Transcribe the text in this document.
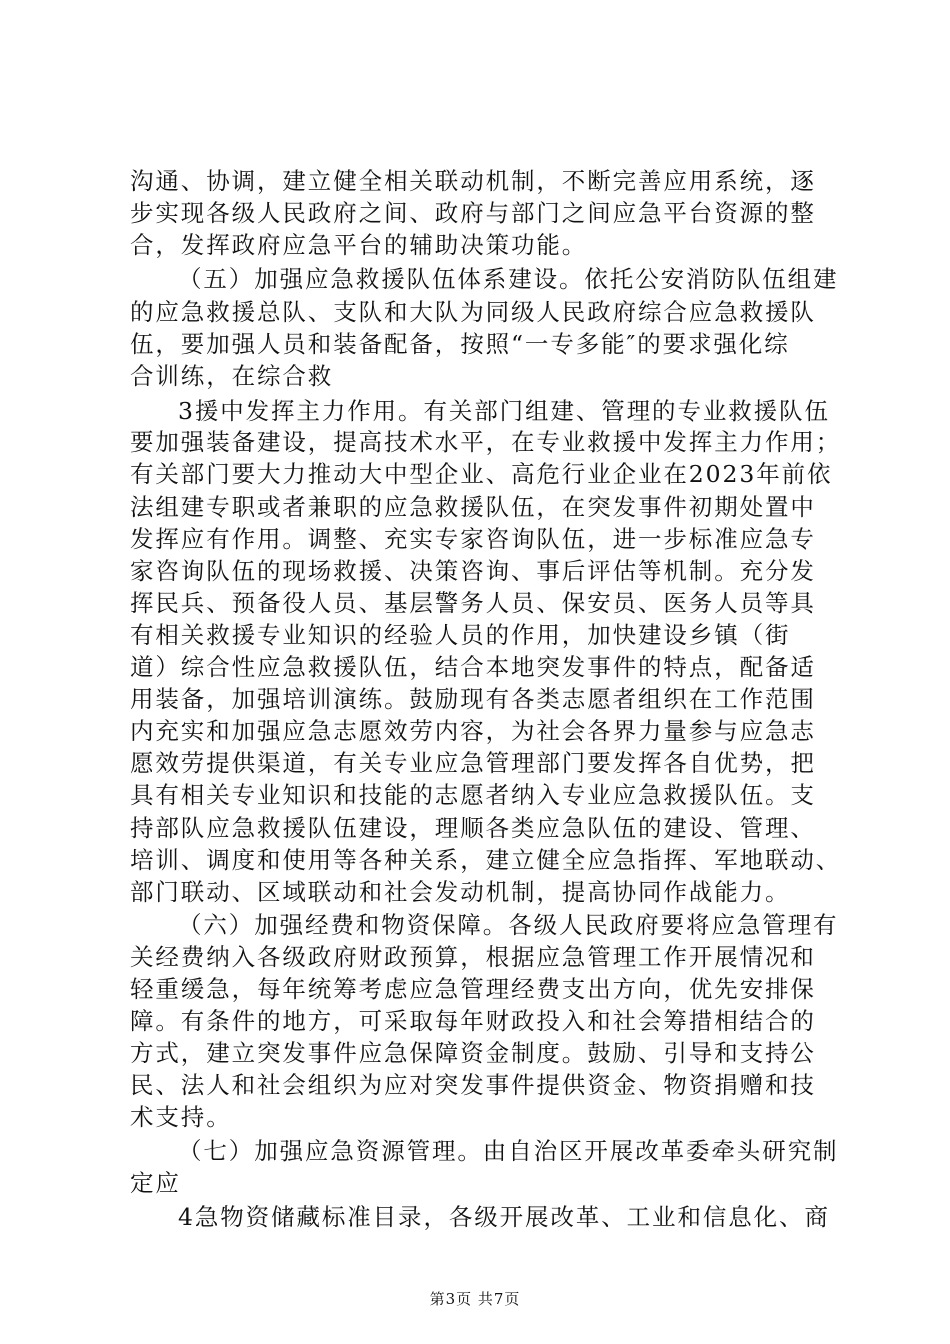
沟通、协调，建立健全相关联动机制，不断完善应用系统，逐
步实现各级人民政府之间、政府与部门之间应急平台资源的整
合，发挥政府应急平台的辅助决策功能。
（五）加强应急救援队伍体系建设。依托公安消防队伍组建
的应急救援总队、支队和大队为同级人民政府综合应急救援队
伍，要加强人员和装备配备，按照“一专多能″的要求强化综
合训练，在综合救
3援中发挥主力作用。有关部门组建、管理的专业救援队伍
要加强装备建设，提高技术水平，在专业救援中发挥主力作用；
有关部门要大力推动大中型企业、高危行业企业在2023年前依
法组建专职或者兼职的应急救援队伍，在突发事件初期处置中
发挥应有作用。调整、充实专家咨询队伍，进一步标准应急专
家咨询队伍的现场救援、决策咨询、事后评估等机制。充分发
挥民兵、预备役人员、基层警务人员、保安员、医务人员等具
有相关救援专业知识的经验人员的作用，加快建设乡镇（街
道）综合性应急救援队伍，结合本地突发事件的特点，配备适
用装备，加强培训演练。鼓励现有各类志愿者组织在工作范围
内充实和加强应急志愿效劳内容，为社会各界力量参与应急志
愿效劳提供渠道，有关专业应急管理部门要发挥各自优势，把
具有相关专业知识和技能的志愿者纳入专业应急救援队伍。支
持部队应急救援队伍建设，理顺各类应急队伍的建设、管理、
培训、调度和使用等各种关系，建立健全应急指挥、军地联动、
部门联动、区域联动和社会发动机制，提高协同作战能力。
（六）加强经费和物资保障。各级人民政府要将应急管理有
关经费纳入各级政府财政预算，根据应急管理工作开展情况和
轻重缓急，每年统筹考虑应急管理经费支出方向，优先安排保
障。有条件的地方，可采取每年财政投入和社会筹措相结合的
方式，建立突发事件应急保障资金制度。鼓励、引导和支持公
民、法人和社会组织为应对突发事件提供资金、物资捐赠和技
术支持。
（七）加强应急资源管理。由自治区开展改革委牵头研究制
定应
4急物资储藏标准目录，各级开展改革、工业和信息化、商
第3页 共7页
